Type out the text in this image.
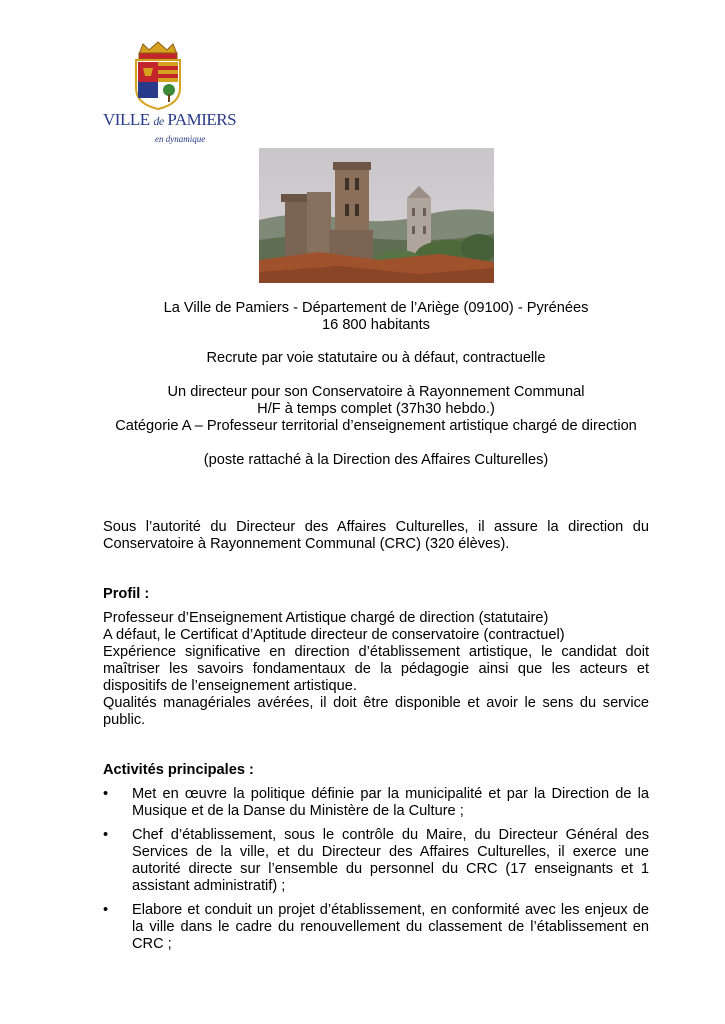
VILLE de PAMIERS
en dynamique
La Ville de Pamiers - Département de l’Ariège (09100) - Pyrénées
16 800 habitants
Recrute par voie statutaire ou à défaut, contractuelle
Un directeur pour son Conservatoire à Rayonnement Communal
H/F à temps complet (37h30 hebdo.)
Catégorie A – Professeur territorial d’enseignement artistique chargé de direction
(poste rattaché à la Direction des Affaires Culturelles)
Sous l’autorité du Directeur des Affaires Culturelles, il assure la direction du Conservatoire à Rayonnement Communal (CRC) (320 élèves).
Profil :
Professeur d’Enseignement Artistique chargé de direction (statutaire)
A défaut, le Certificat d’Aptitude directeur de conservatoire (contractuel)
Expérience significative en direction d’établissement artistique, le candidat doit maîtriser les savoirs fondamentaux de la pédagogie ainsi que les acteurs et dispositifs de l’enseignement artistique.
Qualités managériales avérées, il doit être disponible et avoir le sens du service public.
Activités principales :
• Met en œuvre la politique définie par la municipalité et par la Direction de la Musique et de la Danse du Ministère de la Culture ;
• Chef d’établissement, sous le contrôle du Maire, du Directeur Général des Services de la ville, et du Directeur des Affaires Culturelles, il exerce une autorité directe sur l’ensemble du personnel du CRC (17 enseignants et 1 assistant administratif) ;
• Elabore et conduit un projet d’établissement, en conformité avec les enjeux de la ville dans le cadre du renouvellement du classement de l’établissement en CRC ;
